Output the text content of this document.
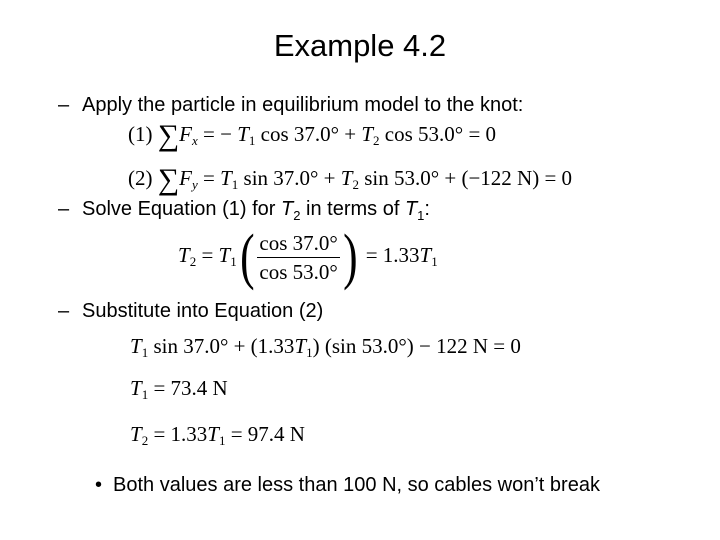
Example 4.2
– Apply the particle in equilibrium model to the knot:
(1) $\sum F_x$ = − $T_1$ $\cos 37.0^\circ + T_2$ cos 53.0° = 0
(2) $\sum F_y = T_1$ $\sin 37.0^\circ + T_2$ sin 53.0° + (−122 N) = 0
– Solve Equation (1) for $T_2$ in terms of $T_1$:
$T_2 = T_1( \frac{\cos 37.0^\circ}{\cos 53.0^\circ}$ ) = $1.33T_1$
– Substitute into Equation (2)
$T_1$ $\sin 37.0^\circ + (1.33T_1)$ (sin 53.0°) − 122 N = 0
$T_1 = 73.4$ N
$T_2 = 1.33T_1 = 97.4$ N
• Both values are less than 100 N, so cables won’t break
